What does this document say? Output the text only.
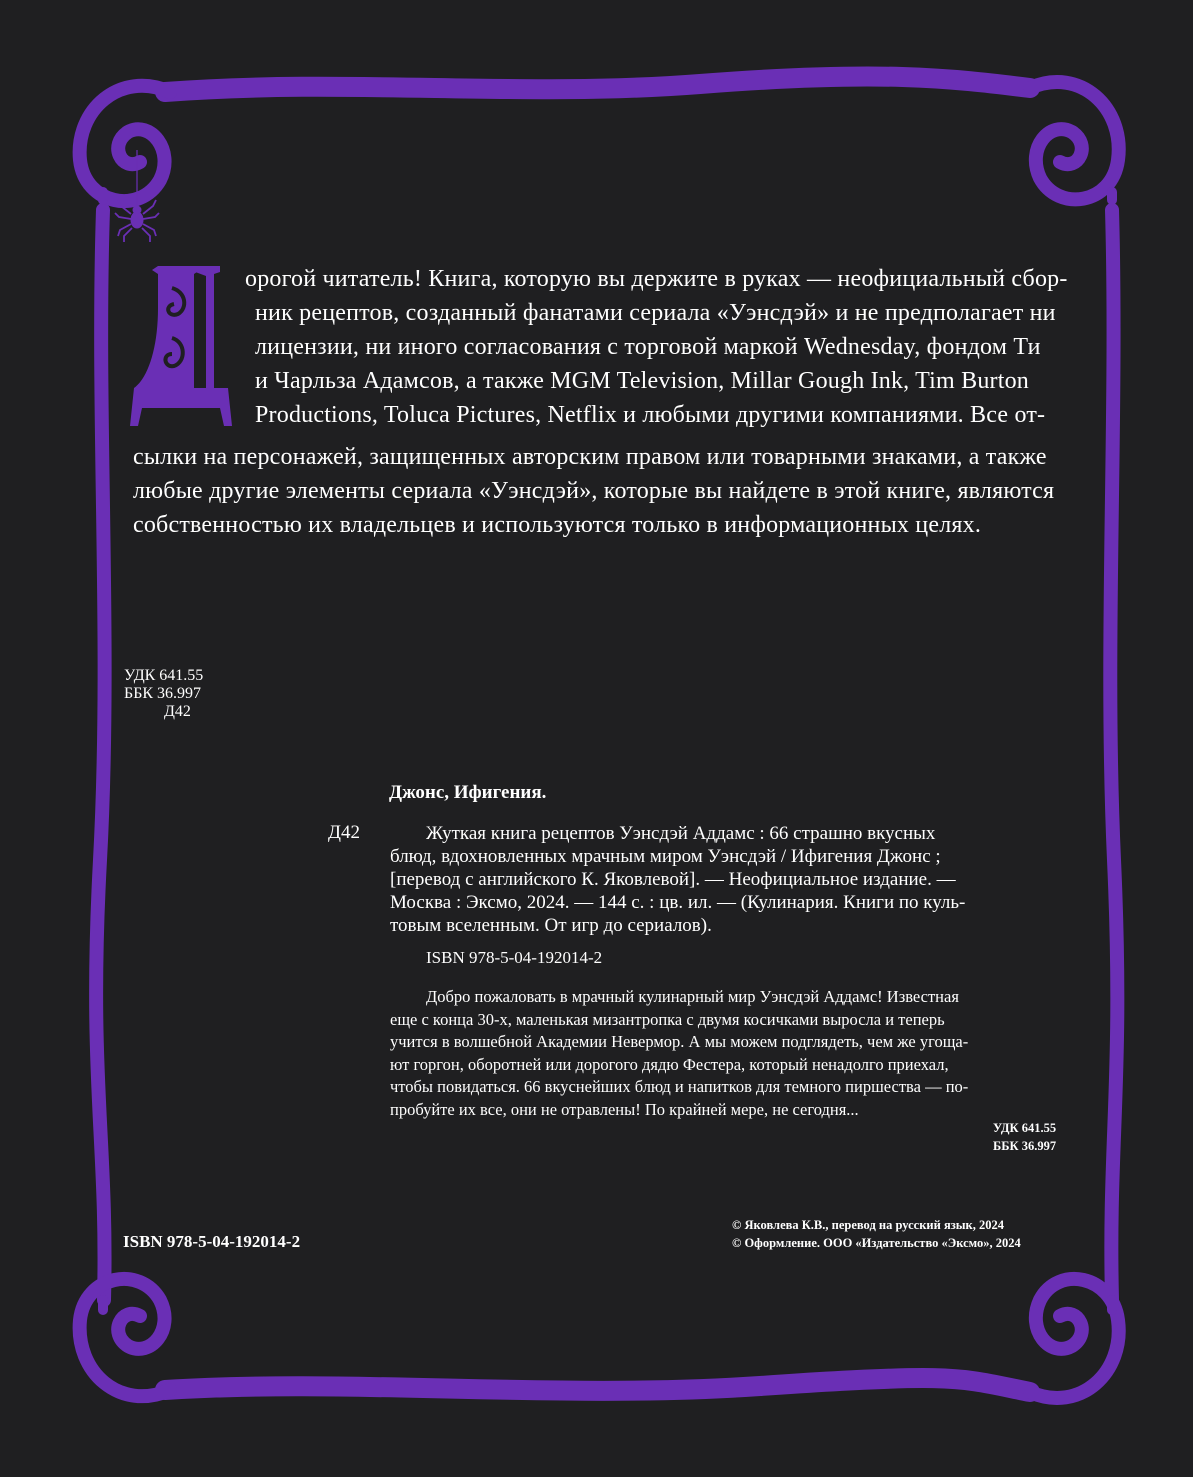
орогой читатель! Книга, которую вы держите в руках — неофициальный сбор-
ник рецептов, созданный фанатами сериала «Уэнсдэй» и не предполагает ни
лицензии, ни иного согласования с торговой маркой Wednesday, фондом Ти
и Чарльза Адамсов, а также MGM Television, Millar Gough Ink, Tim Burton
Productions, Toluca Pictures, Netflix и любыми другими компаниями. Все от-
сылки на персонажей, защищенных авторским правом или товарными знаками, а также
любые другие элементы сериала «Уэнсдэй», которые вы найдете в этой книге, являются
собственностью их владельцев и используются только в информационных целях.
УДК 641.55
ББК 36.997
Д42
Джонс, Ифигения.
Д42	Жуткая книга рецептов Уэнсдэй Аддамс : 66 страшно вкусных
блюд, вдохновленных мрачным миром Уэнсдэй / Ифигения Джонс ;
[перевод с английского К. Яковлевой]. — Неофициальное издание. —
Москва : Эксмо, 2024. — 144 с. : цв. ил. — (Кулинария. Книги по куль-
товым вселенным. От игр до сериалов).
ISBN 978-5-04-192014-2
Добро пожаловать в мрачный кулинарный мир Уэнсдэй Аддамс! Известная
еще с конца 30-х, маленькая мизантропка с двумя косичками выросла и теперь
учится в волшебной Академии Невермор. А мы можем подглядеть, чем же угоща-
ют горгон, оборотней или дорогого дядю Фестера, который ненадолго приехал,
чтобы повидаться. 66 вкуснейших блюд и напитков для темного пиршества — по-
пробуйте их все, они не отравлены! По крайней мере, не сегодня...
УДК 641.55
ББК 36.997
ISBN 978-5-04-192014-2
© Яковлева К.В., перевод на русский язык, 2024
© Оформление. ООО «Издательство «Эксмо», 2024
